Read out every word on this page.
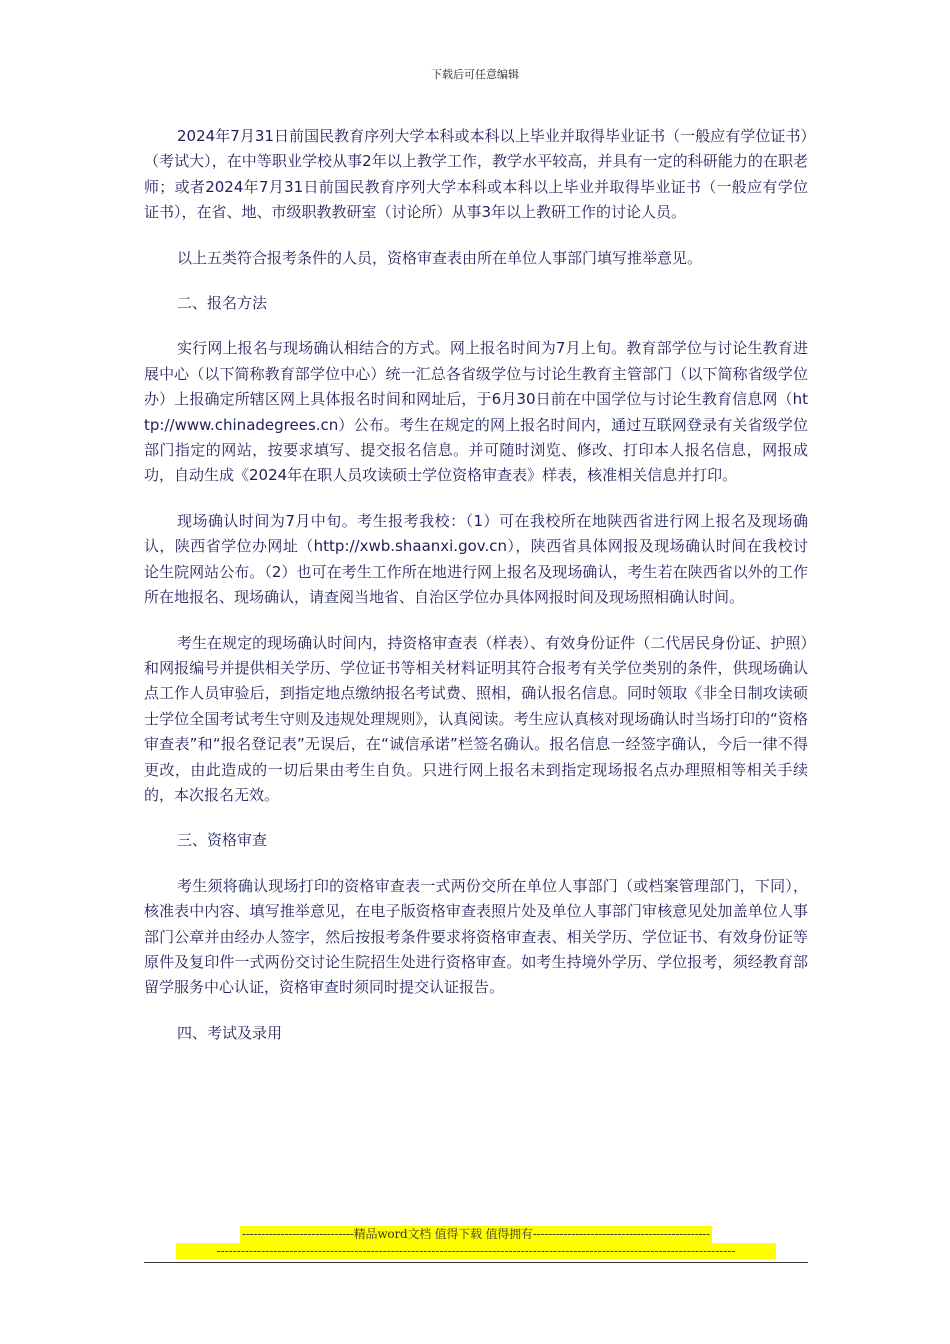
下载后可任意编辑

2024年7月31日前国民教育序列大学本科或本科以上毕业并取得毕业证书（一般应有学位证书）（考试大），在中等职业学校从事2年以上教学工作，教学水平较高，并具有一定的科研能力的在职老师；或者2024年7月31日前国民教育序列大学本科或本科以上毕业并取得毕业证书（一般应有学位证书），在省、地、市级职教教研室（讨论所）从事3年以上教研工作的讨论人员。

以上五类符合报考条件的人员，资格审查表由所在单位人事部门填写推举意见。

二、报名方法

实行网上报名与现场确认相结合的方式。网上报名时间为7月上旬。教育部学位与讨论生教育进展中心（以下简称教育部学位中心）统一汇总各省级学位与讨论生教育主管部门（以下简称省级学位办）上报确定所辖区网上具体报名时间和网址后，于6月30日前在中国学位与讨论生教育信息网（http://www.chinadegrees.cn）公布。考生在规定的网上报名时间内，通过互联网登录有关省级学位部门指定的网站，按要求填写、提交报名信息。并可随时浏览、修改、打印本人报名信息，网报成功，自动生成《2024年在职人员攻读硕士学位资格审查表》样表，核准相关信息并打印。

现场确认时间为7月中旬。考生报考我校：（1）可在我校所在地陕西省进行网上报名及现场确认，陕西省学位办网址（http://xwb.shaanxi.gov.cn），陕西省具体网报及现场确认时间在我校讨论生院网站公布。（2）也可在考生工作所在地进行网上报名及现场确认，考生若在陕西省以外的工作所在地报名、现场确认，请查阅当地省、自治区学位办具体网报时间及现场照相确认时间。

考生在规定的现场确认时间内，持资格审查表（样表）、有效身份证件（二代居民身份证、护照）和网报编号并提供相关学历、学位证书等相关材料证明其符合报考有关学位类别的条件，供现场确认点工作人员审验后，到指定地点缴纳报名考试费、照相，确认报名信息。同时领取《非全日制攻读硕士学位全国考试考生守则及违规处理规则》，认真阅读。考生应认真核对现场确认时当场打印的“资格审查表”和“报名登记表”无误后，在“诚信承诺”栏签名确认。报名信息一经签字确认，今后一律不得更改，由此造成的一切后果由考生自负。只进行网上报名未到指定现场报名点办理照相等相关手续的，本次报名无效。

三、资格审查

考生须将确认现场打印的资格审查表一式两份交所在单位人事部门（或档案管理部门，下同），核准表中内容、填写推举意见，在电子版资格审查表照片处及单位人事部门审核意见处加盖单位人事部门公章并由经办人签字，然后按报考条件要求将资格审查表、相关学历、学位证书、有效身份证等原件及复印件一式两份交讨论生院招生处进行资格审查。如考生持境外学历、学位报考，须经教育部留学服务中心认证，资格审查时须同时提交认证报告。

四、考试及录用

-----------------------------精品word文档 值得下载 值得拥有----------------------------------------------
--------------------------------------------------------------------------------------------------------------------------------
